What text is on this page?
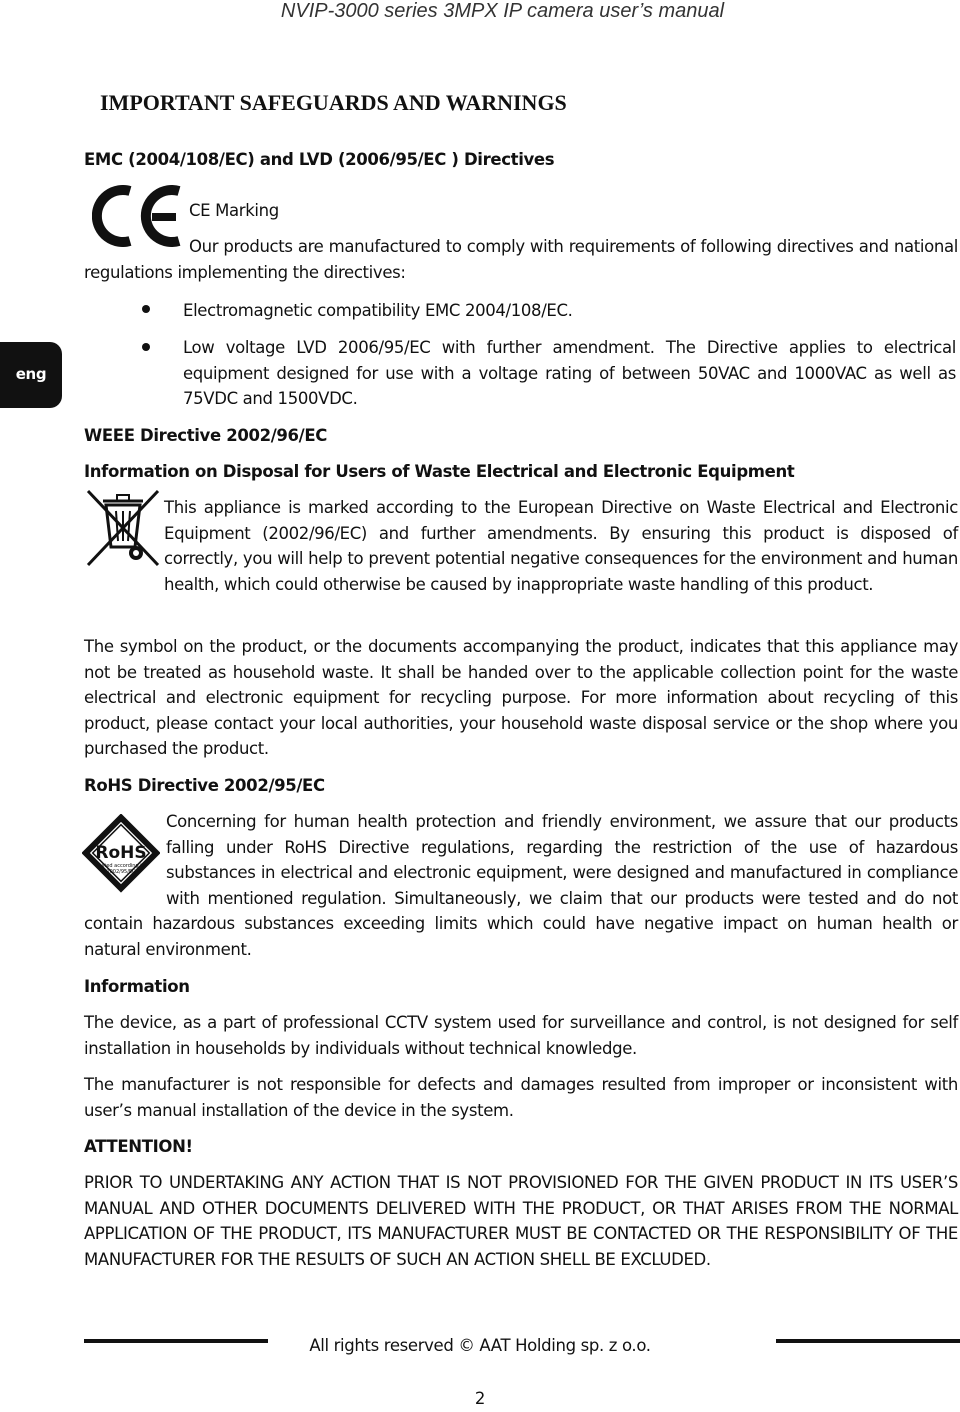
NVIP-3000 series 3MPX IP camera user’s manual
IMPORTANT SAFEGUARDS AND WARNINGS
eng
EMC (2004/108/EC) and LVD (2006/95/EC ) Directives
CE Marking
Our products are manufactured to comply with requirements of following directives and national regulations implementing the directives:
Electromagnetic compatibility EMC 2004/108/EC.
Low voltage LVD 2006/95/EC with further amendment. The Directive applies to electrical equipment designed for use with a voltage rating of between 50VAC and 1000VAC as well as 75VDC and 1500VDC.
WEEE Directive 2002/96/EC
Information on Disposal for Users of Waste Electrical and Electronic Equipment
This appliance is marked according to the European Directive on Waste Electrical and Electronic Equipment (2002/96/EC) and further amendments. By ensuring this product is disposed of correctly, you will help to prevent potential negative consequences for the environment and human health, which could otherwise be caused by inappropriate waste handling of this product.
The symbol on the product, or the documents accompanying the product, indicates that this appliance may not be treated as household waste. It shall be handed over to the applicable collection point for the waste electrical and electronic equipment for recycling purpose. For more information about recycling of this product, please contact your local authorities, your household waste disposal service or the shop where you purchased the product.
RoHS Directive 2002/95/EC
RoHS
tested according to
2002/95/EC
Concerning for human health protection and friendly environment, we assure that our products falling under RoHS Directive regulations, regarding the restriction of the use of hazardous substances in electrical and electronic equipment, were designed and manufactured in compliance with mentioned regulation. Simultaneously, we claim that our products were tested and do not contain hazardous substances exceeding limits which could have negative impact on human health or natural environment.
Information
The device, as a part of professional CCTV system used for surveillance and control, is not designed for self installation in households by individuals without technical knowledge.
The manufacturer is not responsible for defects and damages resulted from improper or inconsistent with user’s manual installation of the device in the system.
ATTENTION!
PRIOR TO UNDERTAKING ANY ACTION THAT IS NOT PROVISIONED FOR THE GIVEN PRODUCT IN ITS USER’S MANUAL AND OTHER DOCUMENTS DELIVERED WITH THE PRODUCT, OR THAT ARISES FROM THE NORMAL APPLICATION OF THE PRODUCT, ITS MANUFACTURER MUST BE CONTACTED OR THE RESPONSIBILITY OF THE MANUFACTURER FOR THE RESULTS OF SUCH AN ACTION SHELL BE EXCLUDED.
All rights reserved © AAT Holding sp. z o.o.
2
